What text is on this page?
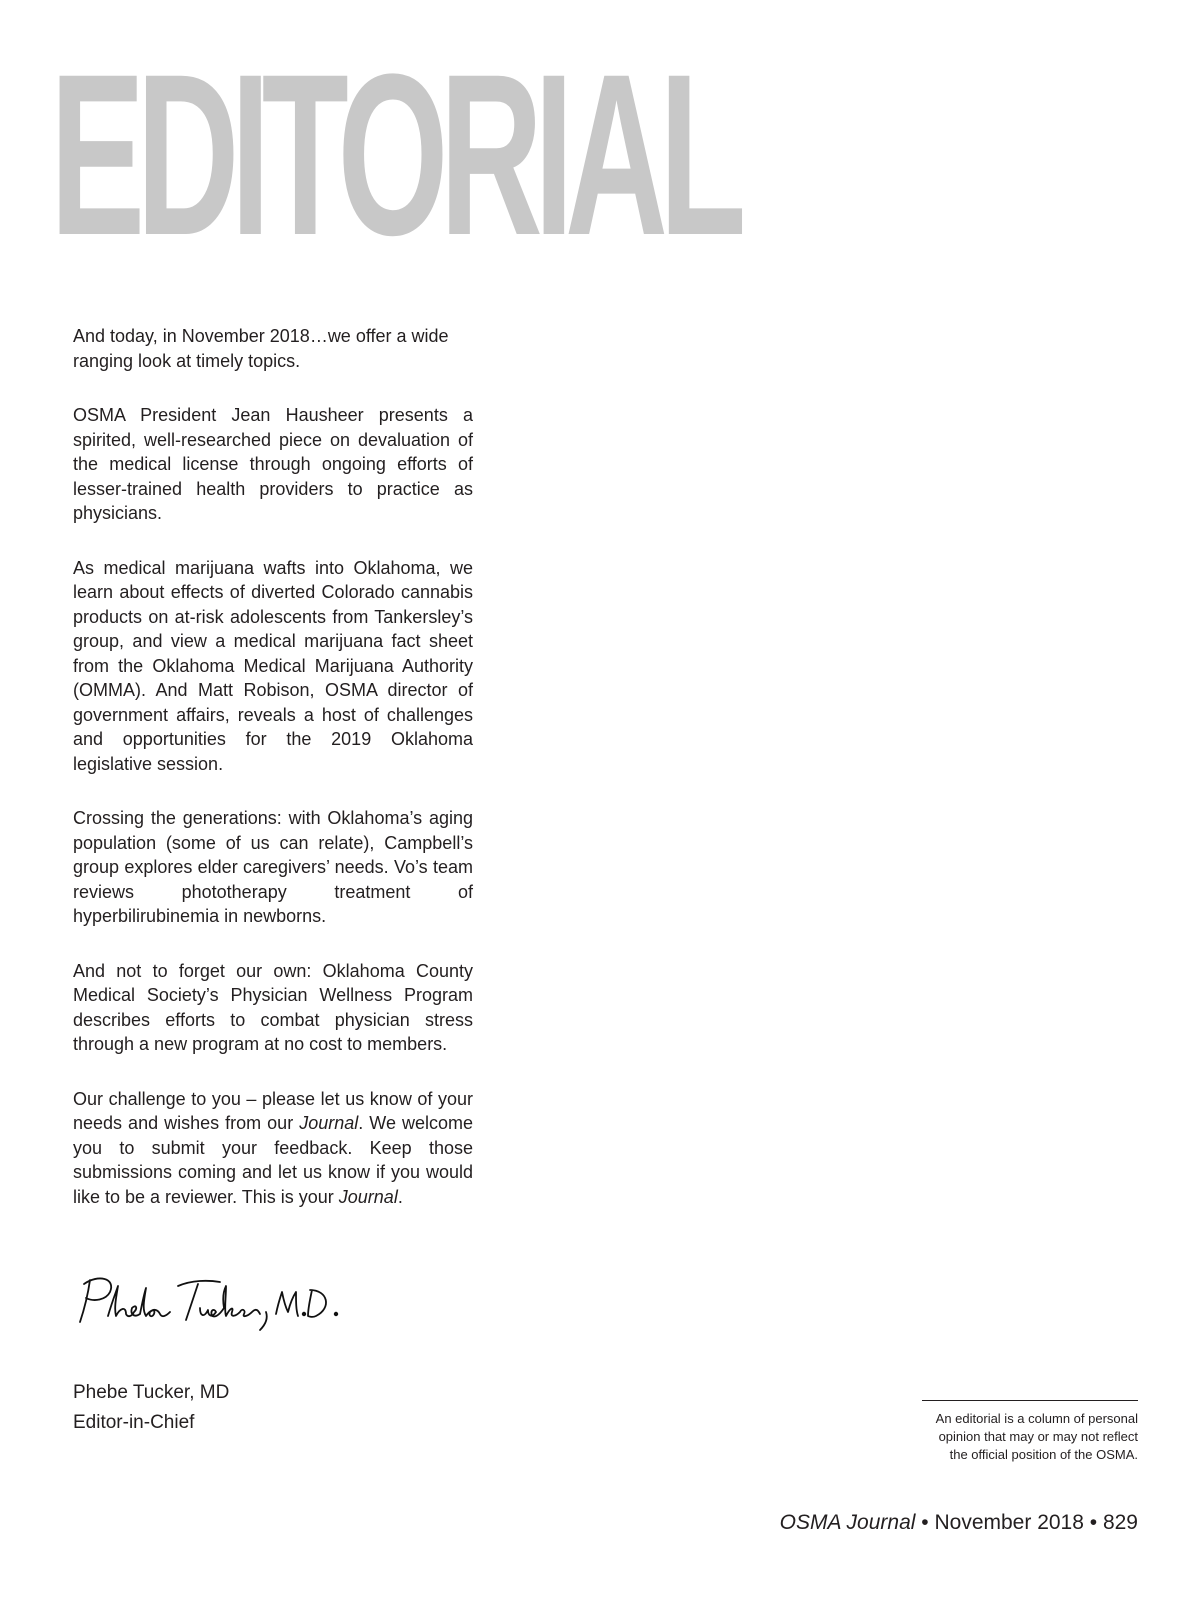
EDITORIAL

And today, in November 2018…we offer a wide ranging look at timely topics.

OSMA President Jean Hausheer presents a spirited, well-researched piece on devaluation of the medical license through ongoing efforts of lesser-trained health providers to practice as physicians.

As medical marijuana wafts into Oklahoma, we learn about effects of diverted Colorado cannabis products on at-risk adolescents from Tankersley’s group, and view a medical marijuana fact sheet from the Oklahoma Medical Marijuana Authority (OMMA). And Matt Robison, OSMA director of government affairs, reveals a host of challenges and opportunities for the 2019 Oklahoma legislative session.

Crossing the generations: with Oklahoma’s aging population (some of us can relate), Campbell’s group explores elder caregivers’ needs. Vo’s team reviews phototherapy treatment of hyperbilirubinemia in newborns.

And not to forget our own: Oklahoma County Medical Society’s Physician Wellness Program describes efforts to combat physician stress through a new program at no cost to members.

Our challenge to you – please let us know of your needs and wishes from our Journal. We welcome you to submit your feedback. Keep those submissions coming and let us know if you would like to be a reviewer. This is your Journal.

Phebe Tucker, MD
Editor-in-Chief	An editorial is a column of personal
opinion that may or may not reflect
the official position of the OSMA.
OSMA Journal • November 2018 • 829
